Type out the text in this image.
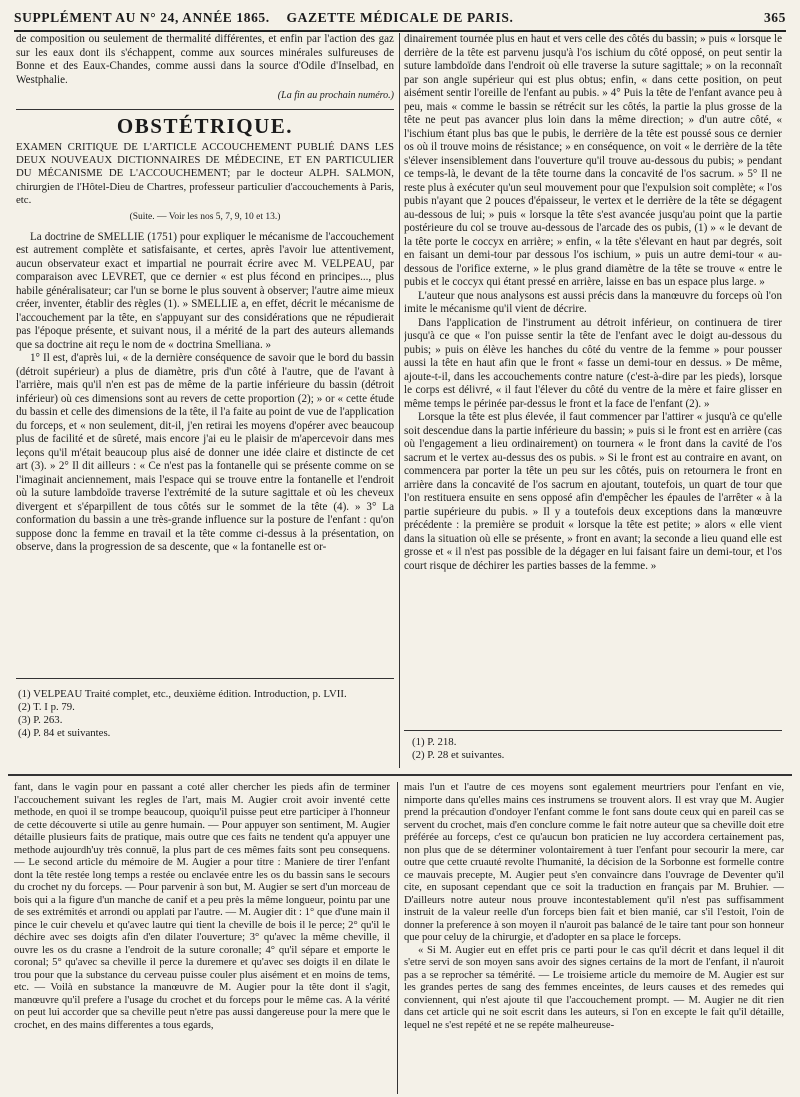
SUPPLÉMENT AU N° 24, ANNÉE 1865.	GAZETTE MÉDICALE DE PARIS.	365

de composition ou seulement de thermalité différentes, et enfin par l'action des gaz sur les eaux dont ils s'échappent, comme aux sources minérales sulfureuses de Bonne et des Eaux-Chandes, comme aussi dans la source d'Odile d'Inselbad, en Westphalie.

(La fin au prochain numéro.)
OBSTÉTRIQUE.

EXAMEN CRITIQUE DE L'ARTICLE ACCOUCHEMENT PUBLIÉ DANS LES DEUX NOUVEAUX DICTIONNAIRES DE MÉDECINE, ET EN PARTICULIER DU MÉCANISME DE L'ACCOUCHEMENT; par le docteur ALPH. SALMON, chirurgien de l'Hôtel-Dieu de Chartres, professeur particulier d'accouchements à Paris, etc.

(Suite. — Voir les nos 5, 7, 9, 10 et 13.)

La doctrine de SMELLIE (1751) pour expliquer le mécanisme de l'accouchement est autrement complète et satisfaisante, et certes, après l'avoir lue attentivement, aucun observateur exact et impartial ne pourrait écrire avec M. VELPEAU, par comparaison avec LEVRET, que ce dernier « est plus fécond en principes..., plus habile généralisateur; car l'un se borne le plus souvent à observer; l'autre aime mieux créer, inventer, établir des règles (1). » SMELLIE a, en effet, décrit le mécanisme de l'accouchement par la tête, en s'appuyant sur des considérations que ne répudierait pas l'époque présente, et suivant nous, il a mérité de la part des auteurs allemands que sa doctrine ait reçu le nom de « doctrina Smelliana. »

1° Il est, d'après lui, « de la dernière conséquence de savoir que le bord du bassin (détroit supérieur) a plus de diamètre, pris d'un côté à l'autre, que de l'avant à l'arrière, mais qu'il n'en est pas de même de la partie inférieure du bassin (détroit inférieur) où ces dimensions sont au revers de cette proportion (2); » or « cette étude du bassin et celle des dimensions de la tête, il l'a faite au point de vue de l'application du forceps, et « non seulement, dit-il, j'en retirai les moyens d'opérer avec beaucoup plus de facilité et de sûreté, mais encore j'ai eu le plaisir de m'apercevoir dans mes leçons qu'il m'était beaucoup plus aisé de donner une idée claire et distincte de cet art (3). » 2° Il dit ailleurs : « Ce n'est pas la fontanelle qui se présente comme on se l'imaginait anciennement, mais l'espace qui se trouve entre la fontanelle et l'endroit où la suture lambdoïde traverse l'extrémité de la suture sagittale et où les cheveux divergent et s'éparpillent de tous côtés sur le sommet de la tête (4). » 3° La conformation du bassin a une très-grande influence sur la posture de l'enfant : qu'on suppose donc la femme en travail et la tête comme ci-dessus à la présentation, on observe, dans la progression de sa descente, que « la fontanelle est or-

(1) VELPEAU Traité complet, etc., deuxième édition. Introduction, p. LVII.
(2) T. I p. 79.
(3) P. 263.
(4) P. 84 et suivantes.

dinairement tournée plus en haut et vers celle des côtés du bassin; » puis « lorsque le derrière de la tête est parvenu jusqu'à l'os ischium du côté opposé, on peut sentir la suture lambdoïde dans l'endroit où elle traverse la suture sagittale; » on la reconnaît par son angle supérieur qui est plus obtus; enfin, « dans cette position, on peut aisément sentir l'oreille de l'enfant au pubis. » 4° Puis la tête de l'enfant avance peu à peu, mais « comme le bassin se rétrécit sur les côtés, la partie la plus grosse de la tête ne peut pas avancer plus loin dans la même direction; » d'un autre côté, « l'ischium étant plus bas que le pubis, le derrière de la tête est poussé sous ce dernier os où il trouve moins de résistance; » en conséquence, on voit « le derrière de la tête s'élever insensiblement dans l'ouverture qu'il trouve au-dessous du pubis; » pendant ce temps-là, le devant de la tête tourne dans la concavité de l'os sacrum. » 5° Il ne reste plus à exécuter qu'un seul mouvement pour que l'expulsion soit complète; « l'os pubis n'ayant que 2 pouces d'épaisseur, le vertex et le derrière de la tête se dégagent au-dessous de lui; » puis « lorsque la tête s'est avancée jusqu'au point que la partie postérieure du col se trouve au-dessous de l'arcade des os pubis, (1) » « le devant de la tête porte le coccyx en arrière; » enfin, « la tête s'élevant en haut par degrés, soit en faisant un demi-tour par dessous l'os ischium, » puis un autre demi-tour « au-dessous de l'orifice externe, » le plus grand diamètre de la tête se trouve « entre le pubis et le coccyx qui étant pressé en arrière, laisse en bas un espace plus large. »

L'auteur que nous analysons est aussi précis dans la manœuvre du forceps où l'on imite le mécanisme qu'il vient de décrire.

Dans l'application de l'instrument au détroit inférieur, on continuera de tirer jusqu'à ce que « l'on puisse sentir la tête de l'enfant avec le doigt au-dessous du pubis; » puis on élève les hanches du côté du ventre de la femme » pour pousser aussi la tête en haut afin que le front « fasse un demi-tour en dessus. » De même, ajoute-t-il, dans les accouchements contre nature (c'est-à-dire par les pieds), lorsque le corps est délivré, « il faut l'élever du côté du ventre de la mère et faire glisser en même temps le périnée par-dessus le front et la face de l'enfant (2). »

Lorsque la tête est plus élevée, il faut commencer par l'attirer « jusqu'à ce qu'elle soit descendue dans la partie inférieure du bassin; » puis si le front est en arrière (cas où l'engagement a lieu ordinairement) on tournera « le front dans la cavité de l'os sacrum et le vertex au-dessus des os pubis. » Si le front est au contraire en avant, on commencera par porter la tête un peu sur les côtés, puis on retournera le front en arrière dans la concavité de l'os sacrum en ajoutant, toutefois, un quart de tour que l'on restituera ensuite en sens opposé afin d'empêcher les épaules de l'arrêter « à la partie supérieure du pubis. » Il y a toutefois deux exceptions dans la manœuvre précédente : la première se produit « lorsque la tête est petite; » alors « elle vient dans la situation où elle se présente, » front en avant; la seconde a lieu quand elle est grosse et « il n'est pas possible de la dégager en lui faisant faire un demi-tour, et l'os court risque de déchirer les parties basses de la femme. »

(1) P. 218.
(2) P. 28 et suivantes.

fant, dans le vagin pour en passant a coté aller chercher les pieds afin de terminer l'accouchement suivant les regles de l'art, mais M. Augier croit avoir inventé cette methode, en quoi il se trompe beaucoup, quoiqu'il puisse peut etre participer à l'honneur de cette découverte si utile au genre humain. — Pour appuyer son sentiment, M. Augier détaille plusieurs faits de pratique, mais outre que ces faits ne tendent qu'a appuyer une methode aujourdh'uy très connuë, la plus part de ces mêmes faits sont peu consequens. — Le second article du mémoire de M. Augier a pour titre : Maniere de tirer l'enfant dont la tête restée long temps a restée ou enclavée entre les os du bassin sans le secours du crochet ny du forceps. — Pour parvenir à son but, M. Augier se sert d'un morceau de bois qui a la figure d'un manche de canif et a peu près la même longueur, pointu par une de ses extrémités et arrondi ou applati par l'autre. — M. Augier dit : 1° que d'une main il pince le cuir chevelu et qu'avec lautre qui tient la cheville de bois il le perce; 2° qu'il le déchire avec ses doigts afin d'en dilater l'ouverture; 3° qu'avec la même cheville, il ouvre les os du crasne a l'endroit de la suture coronalle; 4° qu'il sépare et emporte le coronal; 5° qu'avec sa cheville il perce la duremere et qu'avec ses doigts il en dilate le trou pour que la substance du cerveau puisse couler plus aisément et en moins de tems, etc. — Voilà en substance la manœuvre de M. Augier pour la tête dont il s'agit, manœuvre qu'il prefere a l'usage du crochet et du forceps pour le même cas. A la vérité on peut lui accorder que sa cheville peut n'etre pas aussi dangereuse pour la mere que le crochet, en des mains differentes a tous egards,

mais l'un et l'autre de ces moyens sont egalement meurtriers pour l'enfant en vie, nimporte dans qu'elles mains ces instrumens se trouvent alors. Il est vray que M. Augier prend la précaution d'ondoyer l'enfant comme le font sans doute ceux qui en pareil cas se servent du crochet, mais d'en conclure comme le fait notre auteur que sa cheville doit etre préférée au forceps, c'est ce qu'aucun bon praticien ne luy accordera certainement pas, non plus que de se déterminer volontairement à tuer l'enfant pour secourir la mere, car outre que cette cruauté revolte l'humanité, la décision de la Sorbonne est formelle contre ce mauvais precepte, M. Augier peut s'en convaincre dans l'ouvrage de Deventer qu'il cite, en suposant cependant que ce soit la traduction en français par M. Bruhier. — D'ailleurs notre auteur nous prouve incontestablement qu'il n'est pas suffisamment instruit de la valeur reelle d'un forceps bien fait et bien manié, car s'il l'estoit, l'oin de donner la preference à son moyen il n'auroit pas balancé de le taire tant pour son honneur que pour celuy de la chirurgie, et d'adopter en sa place le forceps.

« Si M. Augier eut en effet pris ce parti pour le cas qu'il décrit et dans lequel il dit s'etre servi de son moyen sans avoir des signes certains de la mort de l'enfant, il n'auroit pas a se reprocher sa témérité. — Le troisieme article du memoire de M. Augier est sur les grandes pertes de sang des femmes enceintes, de leurs causes et des remedes qui conviennent, qui n'est ajoute til que l'accouchement prompt. — M. Augier ne dit rien dans cet article qui ne soit escrit dans les auteurs, si l'on en excepte le fait qu'il détaille, lequel ne s'est repété et ne se repéte malheureuse-
